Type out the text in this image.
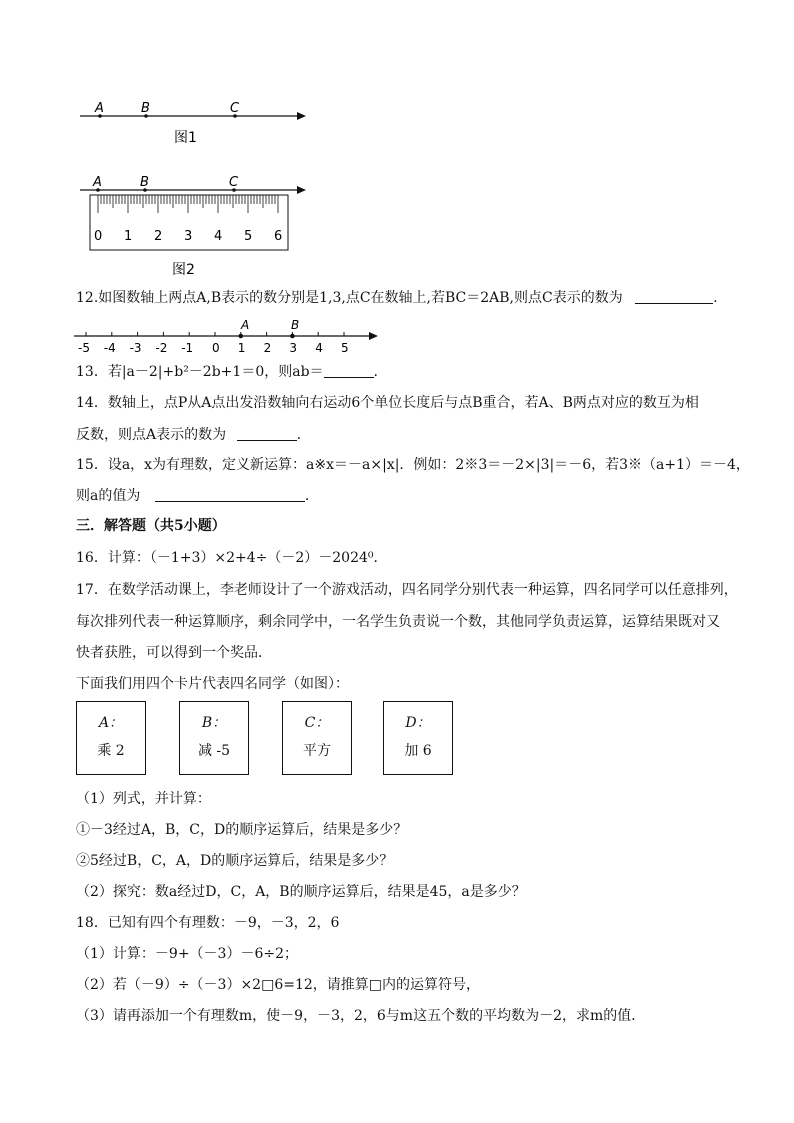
A	B	C
图1
A	B	C
0 1 2 3 4 5 6
图2
12.如图数轴上两点A,B表示的数分别是1,3,点C在数轴上,若BC＝2AB,则点C表示的数为	.
-5 -4 -3 -2 -1 0 1 2 3 4 5
A	B
13．若|a－2|+b²－2b+1＝0，则ab＝	.
14．数轴上，点P从A点出发沿数轴向右运动6个单位长度后与点B重合，若A、B两点对应的数互为相
反数，则点A表示的数为	.
15．设a，x为有理数，定义新运算：a※x＝－a×|x|．例如：2※3＝－2×|3|＝－6，若3※（a+1）＝－4，
则a的值为	.
三．解答题（共5小题）
16．计算：（－1+3）×2+4÷（－2）－2024⁰．
17．在数学活动课上，李老师设计了一个游戏活动，四名同学分别代表一种运算，四名同学可以任意排列，
每次排列代表一种运算顺序，剩余同学中，一名学生负责说一个数，其他同学负责运算，运算结果既对又
快者获胜，可以得到一个奖品．
下面我们用四个卡片代表四名同学（如图）：
A：
乘 2
B：
减 -5
C：
平方
D：
加 6
（1）列式，并计算：
①－3经过A，B，C，D的顺序运算后，结果是多少？
②5经过B，C，A，D的顺序运算后，结果是多少？
（2）探究：数a经过D，C，A，B的顺序运算后，结果是45，a是多少？
18．已知有四个有理数：－9，－3，2，6
（1）计算：－9+（－3）－6÷2；
（2）若（－9）÷（－3）×2□6=12，请推算□内的运算符号，
（3）请再添加一个有理数m，使－9，－3，2，6与m这五个数的平均数为－2，求m的值．
